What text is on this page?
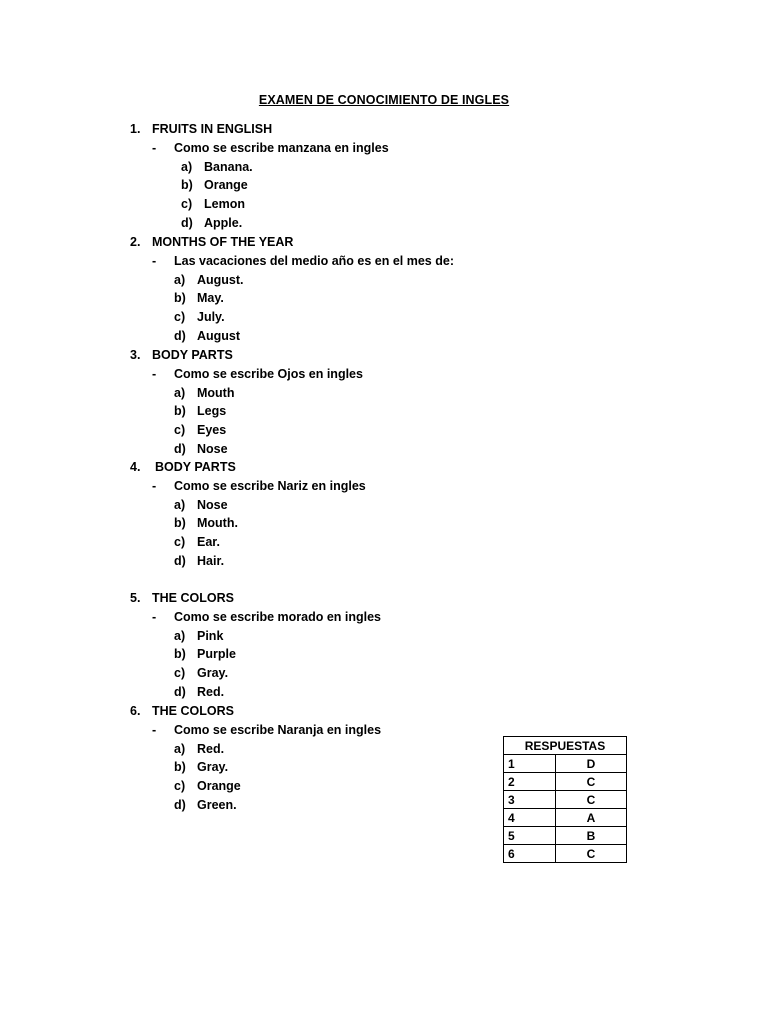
EXAMEN DE CONOCIMIENTO DE INGLES
1. FRUITS IN ENGLISH
- Como se escribe manzana en ingles
a) Banana.
b) Orange
c) Lemon
d) Apple.
2. MONTHS OF THE YEAR
- Las vacaciones del medio año es en el mes de:
a) August.
b) May.
c) July.
d) August
3. BODY PARTS
- Como se escribe Ojos en ingles
a) Mouth
b) Legs
c) Eyes
d) Nose
4. BODY PARTS
- Como se escribe Nariz en ingles
a) Nose
b) Mouth.
c) Ear.
d) Hair.
5. THE COLORS
- Como se escribe morado en ingles
a) Pink
b) Purple
c) Gray.
d) Red.
6. THE COLORS
- Como se escribe Naranja en ingles
a) Red.
b) Gray.
c) Orange
d) Green.
RESPUESTAS	
1	D
2	C
3	C
4	A
5	B
6	C
